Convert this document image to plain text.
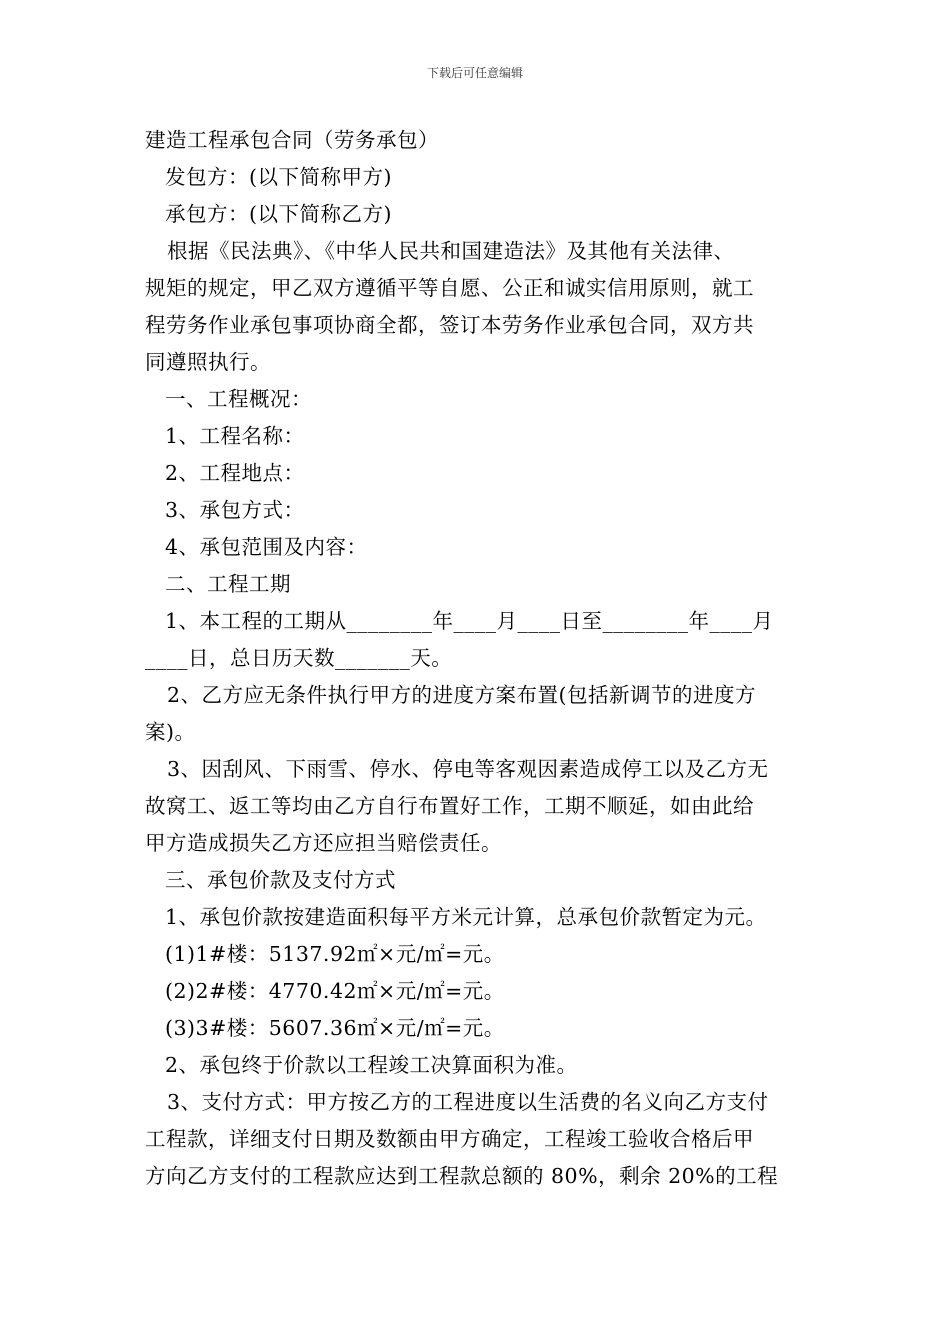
下载后可任意编辑
建造工程承包合同（劳务承包）
发包方：(以下简称甲方)
承包方：(以下简称乙方)
根据《民法典》、《中华人民共和国建造法》及其他有关法律、
规矩的规定，甲乙双方遵循平等自愿、公正和诚实信用原则，就工
程劳务作业承包事项协商全都，签订本劳务作业承包合同，双方共
同遵照执行。
一、工程概况：
1、工程名称：
2、工程地点：
3、承包方式：
4、承包范围及内容：
二、工程工期
1、本工程的工期从________年____月____日至________年____月
____日，总日历天数_______天。
2、乙方应无条件执行甲方的进度方案布置(包括新调节的进度方
案)。
3、因刮风、下雨雪、停水、停电等客观因素造成停工以及乙方无
故窝工、返工等均由乙方自行布置好工作，工期不顺延，如由此给
甲方造成损失乙方还应担当赔偿责任。
三、承包价款及支付方式
1、承包价款按建造面积每平方米元计算，总承包价款暂定为元。
(1)1#楼：5137.92㎡×元/㎡=元。
(2)2#楼：4770.42㎡×元/㎡=元。
(3)3#楼：5607.36㎡×元/㎡=元。
2、承包终于价款以工程竣工决算面积为准。
3、支付方式：甲方按乙方的工程进度以生活费的名义向乙方支付
工程款，详细支付日期及数额由甲方确定，工程竣工验收合格后甲
方向乙方支付的工程款应达到工程款总额的 80%，剩余 20%的工程
